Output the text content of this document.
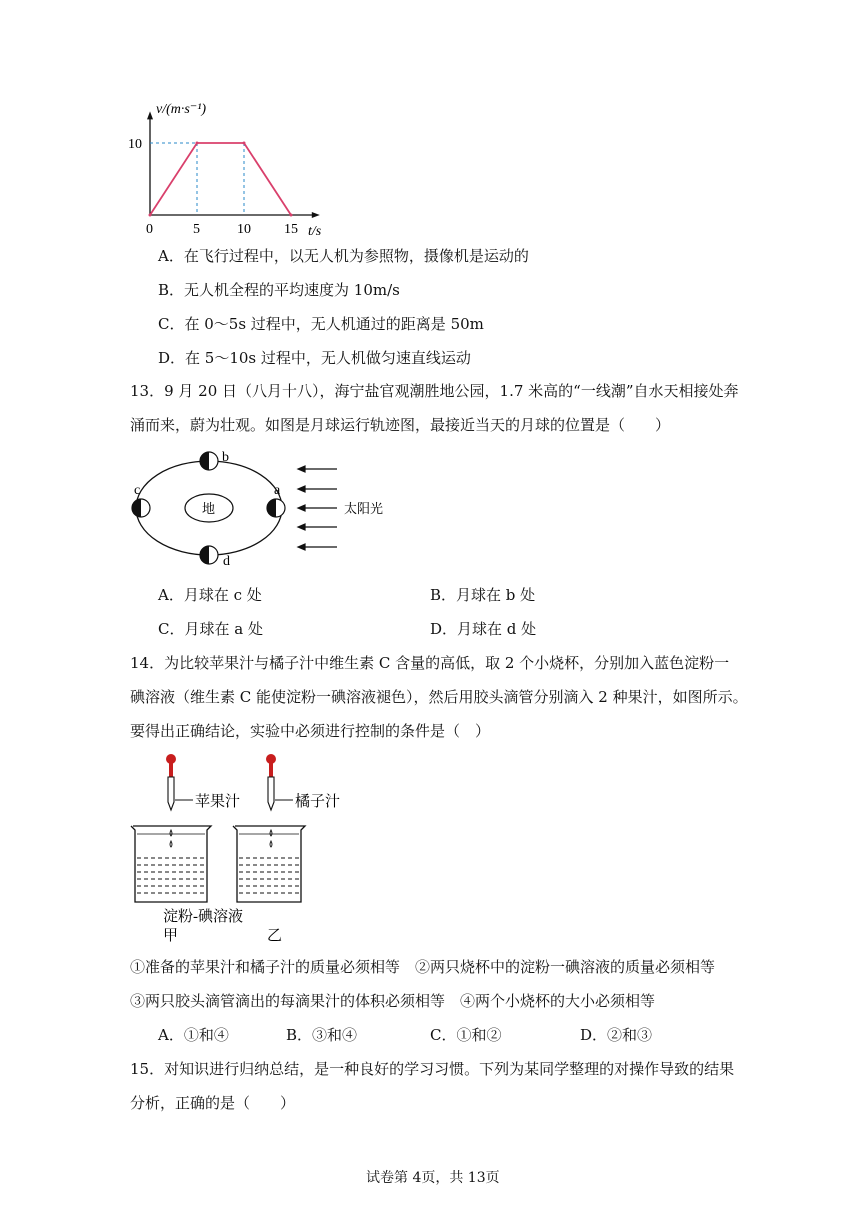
0	5	10 15
10
v/(m·s⁻¹)
t/s
A．在飞行过程中，以无人机为参照物，摄像机是运动的
B．无人机全程的平均速度为 10m/s
C．在 0～5s 过程中，无人机通过的距离是 50m
D．在 5～10s 过程中，无人机做匀速直线运动
13．9 月 20 日（八月十八），海宁盐官观潮胜地公园，1.7 米高的“一线潮”自水天相接处奔
涌而来，蔚为壮观。如图是月球运行轨迹图，最接近当天的月球的位置是（　　）
地
b
c	a
d
太阳光
A．月球在 c 处	B．月球在 b 处
C．月球在 a 处	D．月球在 d 处
14．为比较苹果汁与橘子汁中维生素 C 含量的高低，取 2 个小烧杯，分别加入蓝色淀粉一
碘溶液（维生素 C 能使淀粉一碘溶液褪色），然后用胶头滴管分别滴入 2 种果汁，如图所示。
要得出正确结论，实验中必须进行控制的条件是（　）
苹果汁	橘子汁
淀粉-碘溶液
甲	乙
①准备的苹果汁和橘子汁的质量必须相等　②两只烧杯中的淀粉一碘溶液的质量必须相等
③两只胶头滴管滴出的每滴果汁的体积必须相等　④两个小烧杯的大小必须相等
A．①和④	B．③和④	C．①和②	D．②和③
15．对知识进行归纳总结，是一种良好的学习习惯。下列为某同学整理的对操作导致的结果
分析，正确的是（　　）
试卷第 4页，共 13页
